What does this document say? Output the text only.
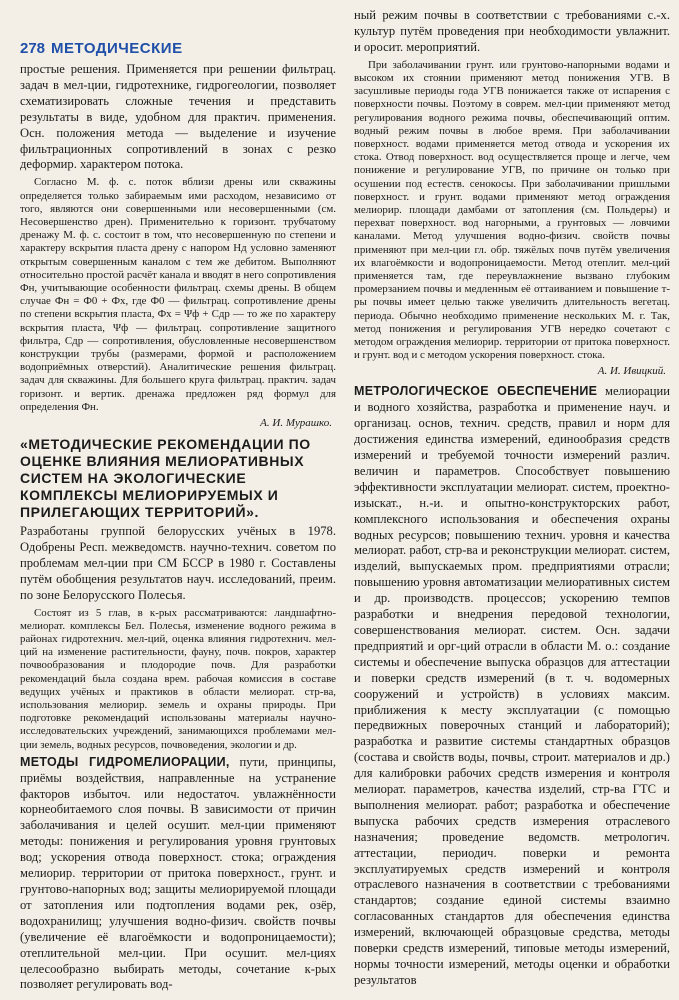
278 МЕТОДИЧЕСКИЕ

простые решения. Применяется при решении фильтрац. задач в мел-ции, гидротехнике, гидрогеологии, позволяет схематизировать сложные течения и представить результаты в виде, удобном для практич. применения. Осн. положения метода — выделение и изучение фильтрационных сопротивлений в зонах с резко деформир. характером потока.

Согласно М. ф. с. поток вблизи дрены или скважины определяется только забираемым ими расходом, независимо от того, являются они совершенными или несовершенными (см. Несовершенство дрен). Применительно к горизонт. трубчатому дренажу М. ф. с. состоит в том, что несовершенную по степени и характеру вскрытия пласта дрену с напором Hд условно заменяют открытым совершенным каналом с тем же дебитом. Выполняют относительно простой расчёт канала и вводят в него сопротивления Фн, учитывающие особенности фильтрац. схемы дрены. В общем случае Фн = Ф0 + Фх, где Ф0 — фильтрац. сопротивление дрены по степени вскрытия пласта, Фх = Ψф + Сдр — то же по характеру вскрытия пласта, Ψф — фильтрац. сопротивление защитного фильтра, Сдр — сопротивления, обусловленные несовершенством конструкции трубы (размерами, формой и расположением водоприёмных отверстий). Аналитические решения фильтрац. задач для скважины. Для большего круга фильтрац. практич. задач горизонт. и вертик. дренажа предложен ряд формул для определения Фн.

А. И. Мурашко.

«МЕТОДИЧЕСКИЕ РЕКОМЕНДАЦИИ ПО ОЦЕНКЕ ВЛИЯНИЯ МЕЛИОРАТИВНЫХ СИСТЕМ НА ЭКОЛОГИЧЕСКИЕ КОМПЛЕКСЫ МЕЛИОРИРУЕМЫХ И ПРИЛЕГАЮЩИХ ТЕРРИТОРИЙ».

Разработаны группой белорусских учёных в 1978. Одобрены Респ. межведомств. научно-технич. советом по проблемам мел-ции при СМ БССР в 1980 г. Составлены путём обобщения результатов науч. исследований, преим. по зоне Белорусского Полесья.

Состоят из 5 глав, в к-рых рассматриваются: ландшафтно-мелиорат. комплексы Бел. Полесья, изменение водного режима в районах гидротехнич. мел-ций, оценка влияния гидротехнич. мел-ций на изменение растительности, фауну, почв. покров, характер почвообразования и плодородие почв. Для разработки рекомендаций была создана врем. рабочая комиссия в составе ведущих учёных и практиков в области мелиорат. стр-ва, использования мелиорир. земель и охраны природы. При подготовке рекомендаций использованы материалы научно-исследовательских учреждений, занимающихся проблемами мел-ции земель, водных ресурсов, почвоведения, экологии и др.

МЕТОДЫ ГИДРОМЕЛИОРАЦИИ, пути, принципы, приёмы воздействия, направленные на устранение факторов избыточ. или недостаточ. увлажнённости корнеобитаемого слоя почвы. В зависимости от причин заболачивания и целей осушит. мел-ции применяют методы: понижения и регулирования уровня грунтовых вод; ускорения отвода поверхност. стока; ограждения мелиорир. территории от притока поверхност., грунт. и грунтово-напорных вод; защиты мелиорируемой площади от затопления или подтопления водами рек, озёр, водохранилищ; улучшения водно-физич. свойств почвы (увеличение её влагоёмкости и водопроницаемости); отеплительной мел-ции. При осушит. мел-циях целесообразно выбирать методы, сочетание к-рых позволяет регулировать вод-

ный режим почвы в соответствии с требованиями с.-х. культур путём проведения при необходимости увлажнит. и оросит. мероприятий.

При заболачивании грунт. или грунтово-напорными водами и высоком их стоянии применяют метод понижения УГВ. В засушливые периоды года УГВ понижается также от испарения с поверхности почвы. Поэтому в соврем. мел-ции применяют метод регулирования водного режима почвы, обеспечивающий оптим. водный режим почвы в любое время. При заболачивании поверхност. водами применяется метод отвода и ускорения их стока. Отвод поверхност. вод осуществляется проще и легче, чем понижение и регулирование УГВ, по причине он только при осушении под естеств. сенокосы. При заболачивании пришлыми поверхност. и грунт. водами применяют метод ограждения мелиорир. площади дамбами от затопления (см. Польдеры) и перехват поверхност. вод нагорными, а грунтовых — ловчими каналами. Метод улучшения водно-физич. свойств почвы применяют при мел-ции гл. обр. тяжёлых почв путём увеличения их влагоёмкости и водопроницаемости. Метод отеплит. мел-ций применяется там, где переувлажнение вызвано глубоким промерзанием почвы и медленным её оттаиванием и повышение т-ры почвы имеет целью также увеличить длительность вегетац. периода. Обычно необходимо применение нескольких М. г. Так, метод понижения и регулирования УГВ нередко сочетают с методом ограждения мелиорир. территории от притока поверхност. и грунт. вод и с методом ускорения поверхност. стока.

А. И. Ивицкий.

МЕТРОЛОГИЧЕСКОЕ ОБЕСПЕЧЕНИЕ мелиорации и водного хозяйства, разработка и применение науч. и организац. основ, технич. средств, правил и норм для достижения единства измерений, единообразия средств измерений и требуемой точности измерений различ. величин и параметров. Способствует повышению эффективности эксплуатации мелиорат. систем, проектно-изыскат., н.-и. и опытно-конструкторских работ, комплексного использования и обеспечения охраны водных ресурсов; повышению технич. уровня и качества мелиорат. работ, стр-ва и реконструкции мелиорат. систем, изделий, выпускаемых пром. предприятиями отрасли; повышению уровня автоматизации мелиоративных систем и др. производств. процессов; ускорению темпов разработки и внедрения передовой технологии, совершенствования мелиорат. систем. Осн. задачи предприятий и орг-ций отрасли в области М. о.: создание системы и обеспечение выпуска образцов для аттестации и поверки средств измерений (в т. ч. водомерных сооружений и устройств) в условиях максим. приближения к месту эксплуатации (с помощью передвижных поверочных станций и лабораторий); разработка и развитие системы стандартных образцов (состава и свойств воды, почвы, строит. материалов и др.) для калибровки рабочих средств измерения и контроля мелиорат. параметров, качества изделий, стр-ва ГТС и выполнения мелиорат. работ; разработка и обеспечение выпуска рабочих средств измерения отраслевого назначения; проведение ведомств. метрологич. аттестации, периодич. поверки и ремонта эксплуатируемых средств измерений и контроля отраслевого назначения в соответствии с требованиями стандартов; создание единой системы взаимно согласованных стандартов для обеспечения единства измерений, включающей образцовые средства, методы поверки средств измерений, типовые методы измерений, нормы точности измерений, методы оценки и обработки результатов
